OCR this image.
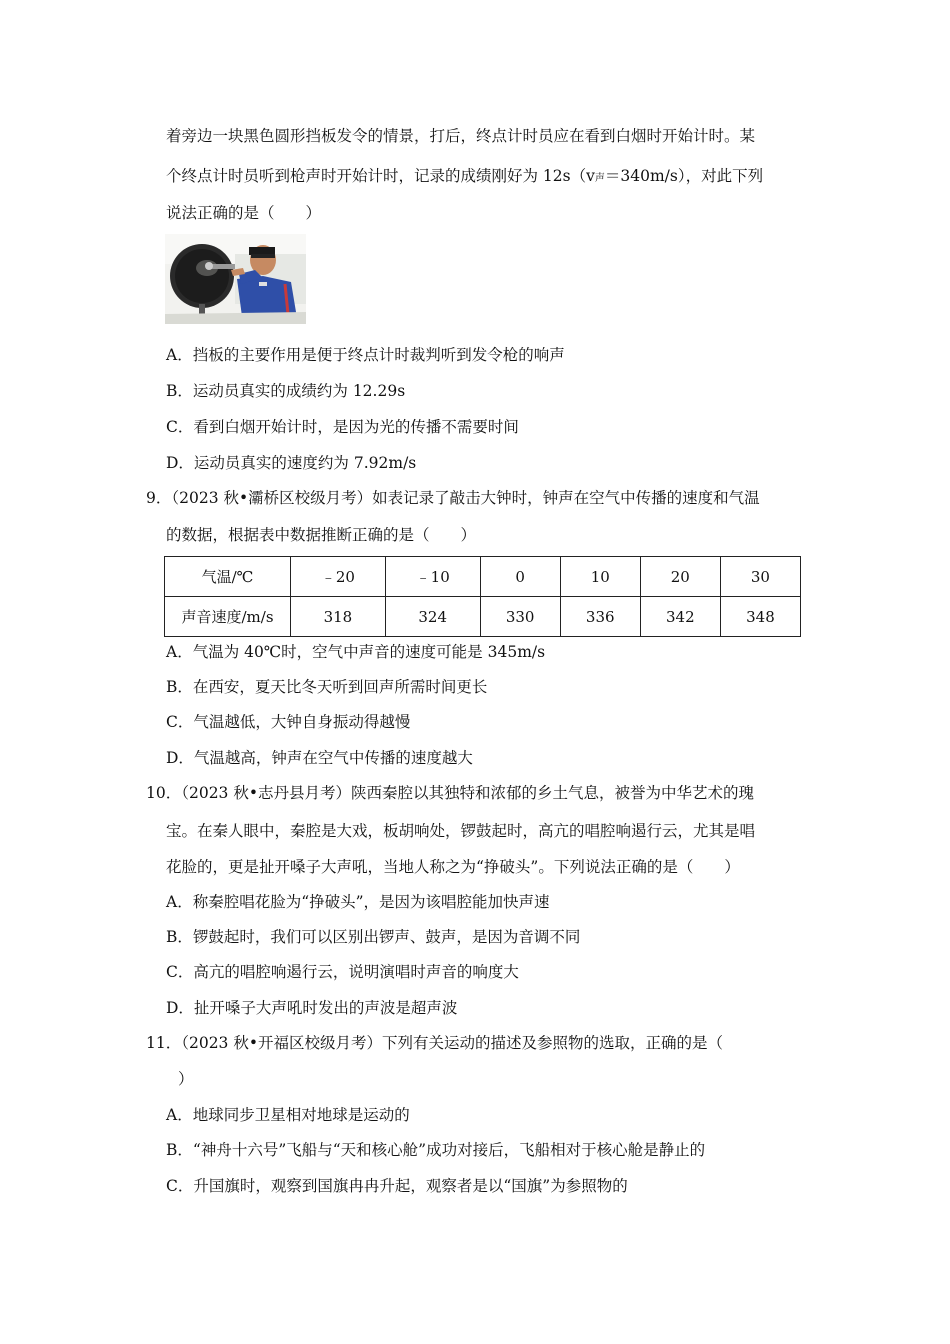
着旁边一块黑色圆形挡板发令的情景，打后，终点计时员应在看到白烟时开始计时。某
个终点计时员听到枪声时开始计时，记录的成绩刚好为 12s（v声＝340m/s），对此下列
说法正确的是（　　）
A．挡板的主要作用是便于终点计时裁判听到发令枪的响声
B．运动员真实的成绩约为 12.29s
C．看到白烟开始计时，是因为光的传播不需要时间
D．运动员真实的速度约为 7.92m/s
9．（2023 秋•灞桥区校级月考）如表记录了敲击大钟时，钟声在空气中传播的速度和气温
的数据，根据表中数据推断正确的是（　　）
气温/℃	﹣20	﹣10	0	10	20	30
声音速度/m/s	318	324	330	336	342	348
A．气温为 40℃时，空气中声音的速度可能是 345m/s
B．在西安，夏天比冬天听到回声所需时间更长
C．气温越低，大钟自身振动得越慢
D．气温越高，钟声在空气中传播的速度越大
10．（2023 秋•志丹县月考）陕西秦腔以其独特和浓郁的乡土气息，被誉为中华艺术的瑰
宝。在秦人眼中，秦腔是大戏，板胡响处，锣鼓起时，高亢的唱腔响遏行云，尤其是唱
花脸的，更是扯开嗓子大声吼，当地人称之为“挣破头”。下列说法正确的是（　　）
A．称秦腔唱花脸为“挣破头”，是因为该唱腔能加快声速
B．锣鼓起时，我们可以区别出锣声、鼓声，是因为音调不同
C．高亢的唱腔响遏行云，说明演唱时声音的响度大
D．扯开嗓子大声吼时发出的声波是超声波
11．（2023 秋•开福区校级月考）下列有关运动的描述及参照物的选取，正确的是（
）
A．地球同步卫星相对地球是运动的
B．“神舟十六号”飞船与“天和核心舱”成功对接后，飞船相对于核心舱是静止的
C．升国旗时，观察到国旗冉冉升起，观察者是以“国旗”为参照物的
